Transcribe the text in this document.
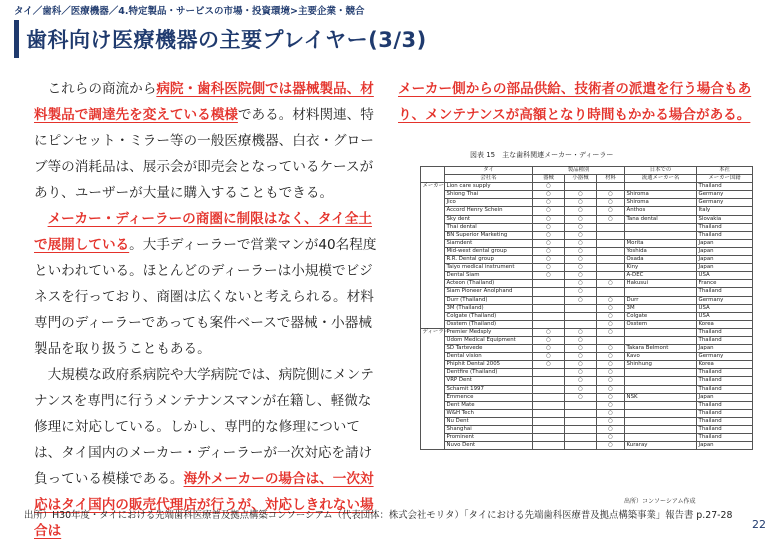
タイ／歯科／医療機器／4.特定製品・サービスの市場・投資環境>主要企業・競合
歯科向け医療機器の主要プレイヤー(3/3)

これらの商流から病院・歯科医院側では器械製品、材料製品で調達先を変えている模様である。材料関連、特にピンセット・ミラー等の一般医療機器、白衣・グローブ等の消耗品は、展示会が即売会となっているケースがあり、ユーザーが大量に購入することもできる。

メーカー・ディーラーの商圏に制限はなく、タイ全土で展開している。大手ディーラーで営業マンが40名程度といわれている。ほとんどのディーラーは小規模でビジネスを行っており、商圏は広くないと考えられる。材料専門のディーラーであっても案件ベースで器械・小器械製品を取り扱うこともある。

大規模な政府系病院や大学病院では、病院側にメンテナンスを専門に行うメンテナンスマンが在籍し、軽微な修理に対応している。しかし、専門的な修理については、タイ国内のメーカー・ディーラーが一次対応を請け負っている模様である。海外メーカーの場合は、一次対応はタイ国内の販売代理店が行うが、対応しきれない場合は

メーカー側からの部品供給、技術者の派遣を行う場合もあり、メンテナンスが高額となり時間もかかる場合がある。
図表 15　主な歯科関連メーカー・ディーラー
	タイ	製品種別			日本での	本社
	会社名	器械	小器械	材料	流通メーカー名	メーカー国籍
メーカー	Lion care supply	○				Thailand
	Shiong Thai	○	○	○	Shiroma	Germany
	Jico	○	○	○	Shiroma	Germany
	Accord Henry Schein	○	○	○	Anthos	Italy
	Sky dent	○	○	○	Tana dental	Slovakia
	Thai dental	○	○			Thailand
	BN Superior Marketing	○	○			Thailand
	Siamdent	○	○		Morita	Japan
	Mid-west dental group	○	○		Yoshida	Japan
	R.R. Dental group	○	○		Osada	Japan
	Taiyo medical instrument	○	○		Kiny	Japan
	Dental Siam	○	○		A-DEC	USA
	Acteon (Thailand)		○	○	Hakusui	France
	Siam Pioneer Anolphand		○			Thailand
	Durr (Thailand)		○	○	Durr	Germany
	3M (Thailand)			○	3M	USA
	Colgate (Thailand)			○	Colgate	USA
	Osstem (Thailand)			○	Osstem	Korea
ディーラー	Premier Medsply	○	○	○		Thailand
	Udom Medical Equipment	○	○			Thailand
	SD Tartevede	○	○	○	Takara Belmont	Japan
	Dental vision	○	○	○	Kavo	Germany
	Phiphit Dental 2005	○	○	○	Shinhung	Korea
	Dentfire (Thailand)		○	○		Thailand
	VRP Dent		○	○		Thailand
	Schamit 1997		○	○		Thailand
	Emmence		○	○	NSK	Japan
	Dent Mate			○		Thailand
	W&H Tech			○		Thailand
	Nu Dent			○		Thailand
	Shanghai			○		Thailand
	Prominent			○		Thailand
	Nuvo Dent			○	Kuraray	Japan
出所）コンソーシアム作成
出所）H30年度・タイにおける先端歯科医療普及拠点構築コンソーシアム（代表団体：株式会社モリタ）「タイにおける先端歯科医療普及拠点構築事業」報告書 p.27-28
22
